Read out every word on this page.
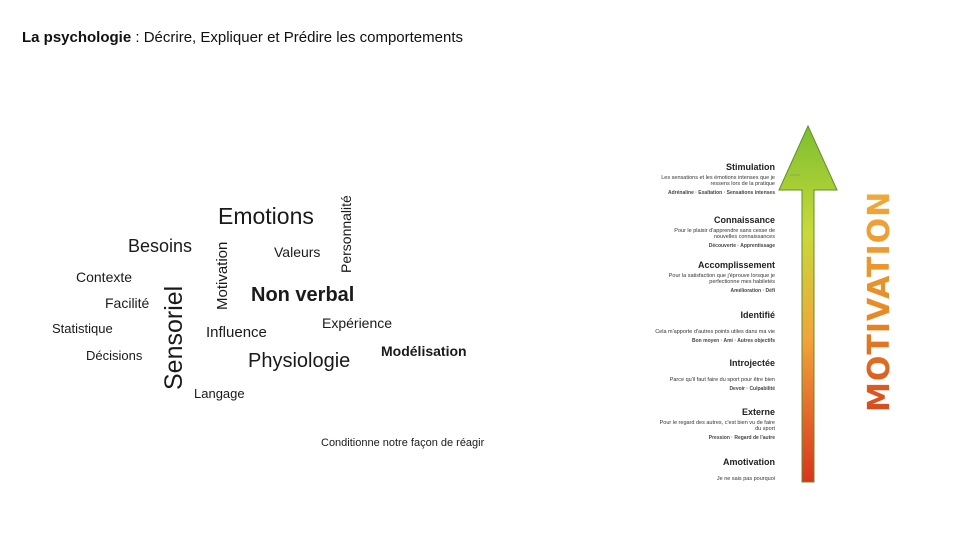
La psychologie : Décrire, Expliquer et Prédire les comportements
Emotions
Besoins
Contexte
Facilité
Statistique
Décisions Sensoriel
Motivation
Personnalité
Valeurs
Non verbal
Influence
Expérience
Physiologie Modélisation
Langage
Conditionne notre façon de réagir
Stimulation
Les sensations et les émotions intenses que je ressens lors de la pratique
Adrénaline · Exaltation · Sensations intenses
Connaissance
Pour le plaisir d'apprendre sans cesse de nouvelles connaissances
Découverte · Apprentissage
Accomplissement
Pour la satisfaction que j'éprouve lorsque je perfectionne mes habiletés
Amélioration · Défi
Identifié
Cela m'apporte d'autres points utiles dans ma vie
Bon moyen · Ami · Autres objectifs
Introjectée
Parce qu'il faut faire du sport pour être bien
Devoir · Culpabilité
Externe
Pour le regard des autres, c'est bien vu de faire du sport
Pression · Regard de l'autre
Amotivation
Je ne sais pas pourquoi
MOTIVATION
